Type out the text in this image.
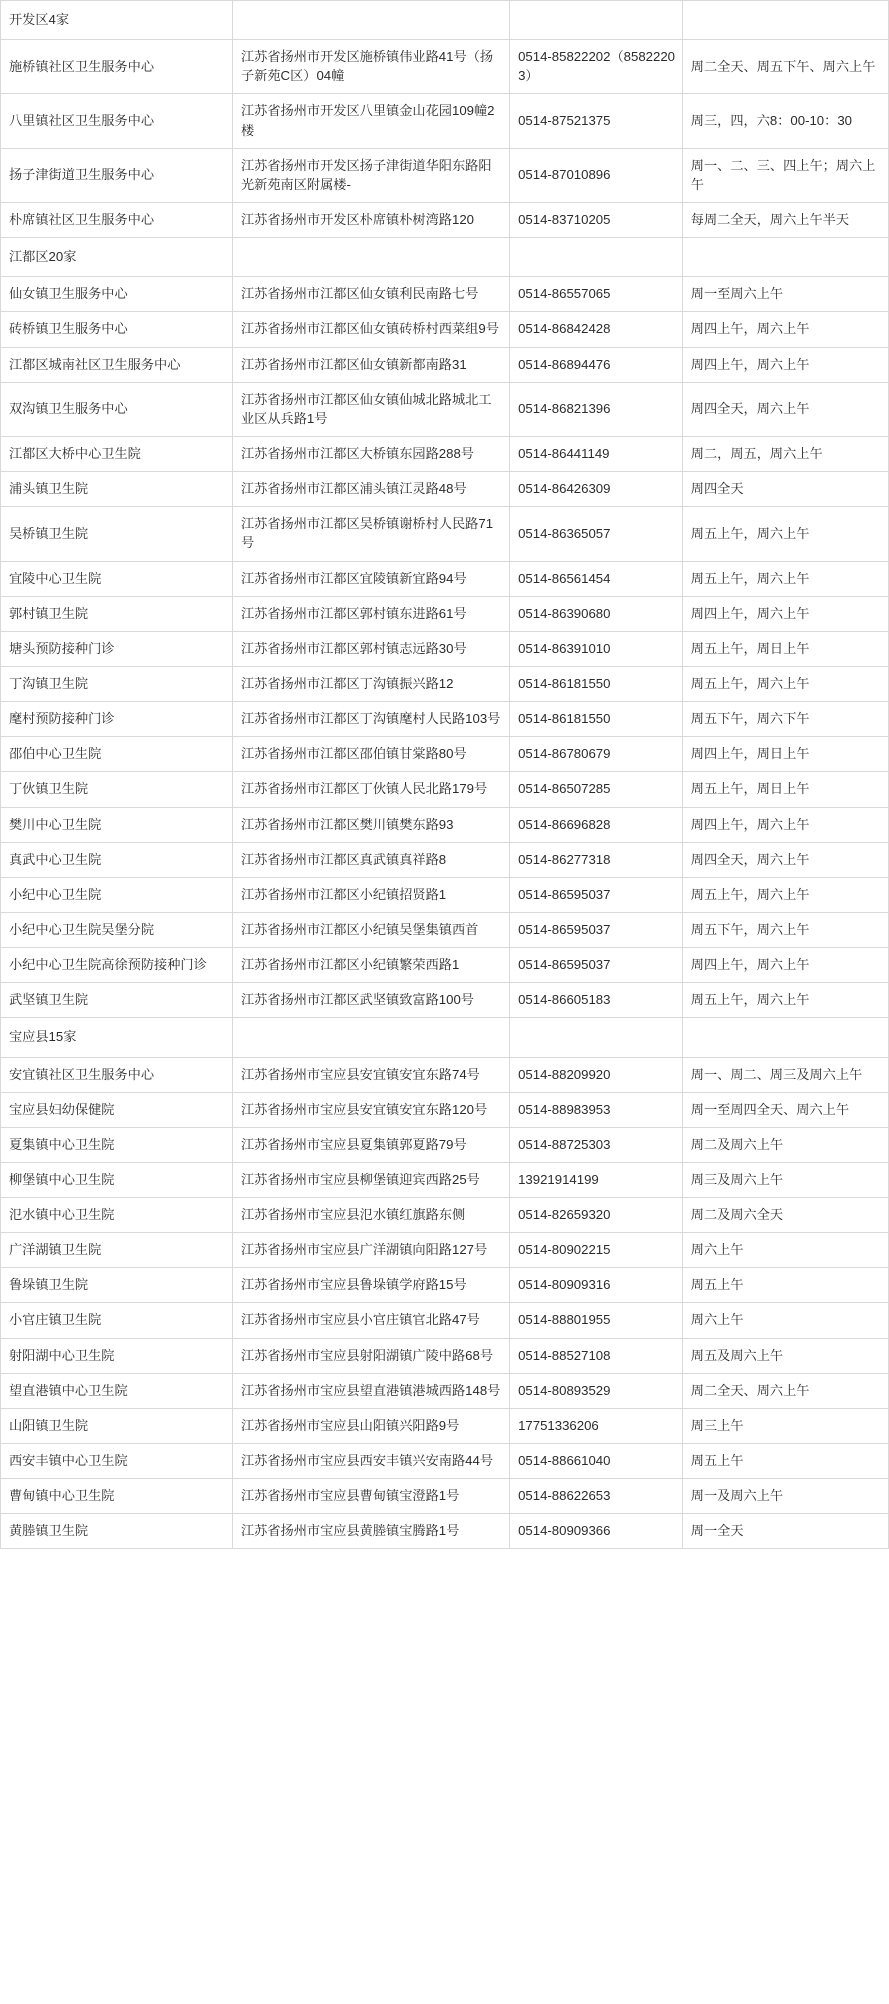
开发区4家			
施桥镇社区卫生服务中心	江苏省扬州市开发区施桥镇伟业路41号（扬子新苑C区）04幢	0514-85822202（85822203）	周二全天、周五下午、周六上午
八里镇社区卫生服务中心	江苏省扬州市开发区八里镇金山花园109幢2楼	0514-87521375	周三，四，六8：00-10：30
扬子津街道卫生服务中心	江苏省扬州市开发区扬子津街道华阳东路阳光新苑南区附属楼-	0514-87010896	周一、二、三、四上午；周六上午
朴席镇社区卫生服务中心	江苏省扬州市开发区朴席镇朴树湾路120	0514-83710205	每周二全天，周六上午半天
江都区20家			
仙女镇卫生服务中心	江苏省扬州市江都区仙女镇利民南路七号	0514-86557065	周一至周六上午
砖桥镇卫生服务中心	江苏省扬州市江都区仙女镇砖桥村西菜组9号	0514-86842428	周四上午，周六上午
江都区城南社区卫生服务中心	江苏省扬州市江都区仙女镇新都南路31	0514-86894476	周四上午，周六上午
双沟镇卫生服务中心	江苏省扬州市江都区仙女镇仙城北路城北工业区从兵路1号	0514-86821396	周四全天，周六上午
江都区大桥中心卫生院	江苏省扬州市江都区大桥镇东园路288号	0514-86441149	周二，周五，周六上午
浦头镇卫生院	江苏省扬州市江都区浦头镇江灵路48号	0514-86426309	周四全天
吴桥镇卫生院	江苏省扬州市江都区吴桥镇谢桥村人民路71号	0514-86365057	周五上午，周六上午
宜陵中心卫生院	江苏省扬州市江都区宜陵镇新宜路94号	0514-86561454	周五上午，周六上午
郭村镇卫生院	江苏省扬州市江都区郭村镇东进路61号	0514-86390680	周四上午，周六上午
塘头预防接种门诊	江苏省扬州市江都区郭村镇志远路30号	0514-86391010	周五上午，周日上午
丁沟镇卫生院	江苏省扬州市江都区丁沟镇振兴路12	0514-86181550	周五上午，周六上午
麾村预防接种门诊	江苏省扬州市江都区丁沟镇麾村人民路103号	0514-86181550	周五下午，周六下午
邵伯中心卫生院	江苏省扬州市江都区邵伯镇甘棠路80号	0514-86780679	周四上午，周日上午
丁伙镇卫生院	江苏省扬州市江都区丁伙镇人民北路179号	0514-86507285	周五上午，周日上午
樊川中心卫生院	江苏省扬州市江都区樊川镇樊东路93	0514-86696828	周四上午，周六上午
真武中心卫生院	江苏省扬州市江都区真武镇真祥路8	0514-86277318	周四全天，周六上午
小纪中心卫生院	江苏省扬州市江都区小纪镇招贤路1	0514-86595037	周五上午，周六上午
小纪中心卫生院吴堡分院	江苏省扬州市江都区小纪镇吴堡集镇西首	0514-86595037	周五下午，周六上午
小纪中心卫生院高徐预防接种门诊	江苏省扬州市江都区小纪镇繁荣西路1	0514-86595037	周四上午，周六上午
武坚镇卫生院	江苏省扬州市江都区武坚镇致富路100号	0514-86605183	周五上午，周六上午
宝应县15家			
安宜镇社区卫生服务中心	江苏省扬州市宝应县安宜镇安宜东路74号	0514-88209920	周一、周二、周三及周六上午
宝应县妇幼保健院	江苏省扬州市宝应县安宜镇安宜东路120号	0514-88983953	周一至周四全天、周六上午
夏集镇中心卫生院	江苏省扬州市宝应县夏集镇郭夏路79号	0514-88725303	周二及周六上午
柳堡镇中心卫生院	江苏省扬州市宝应县柳堡镇迎宾西路25号	13921914199	周三及周六上午
氾水镇中心卫生院	江苏省扬州市宝应县氾水镇红旗路东侧	0514-82659320	周二及周六全天
广洋湖镇卫生院	江苏省扬州市宝应县广洋湖镇向阳路127号	0514-80902215	周六上午
鲁垛镇卫生院	江苏省扬州市宝应县鲁垛镇学府路15号	0514-80909316	周五上午
小官庄镇卫生院	江苏省扬州市宝应县小官庄镇官北路47号	0514-88801955	周六上午
射阳湖中心卫生院	江苏省扬州市宝应县射阳湖镇广陵中路68号	0514-88527108	周五及周六上午
望直港镇中心卫生院	江苏省扬州市宝应县望直港镇港城西路148号	0514-80893529	周二全天、周六上午
山阳镇卫生院	江苏省扬州市宝应县山阳镇兴阳路9号	17751336206	周三上午
西安丰镇中心卫生院	江苏省扬州市宝应县西安丰镇兴安南路44号	0514-88661040	周五上午
曹甸镇中心卫生院	江苏省扬州市宝应县曹甸镇宝澄路1号	0514-88622653	周一及周六上午
黄塍镇卫生院	江苏省扬州市宝应县黄塍镇宝腾路1号	0514-80909366	周一全天
